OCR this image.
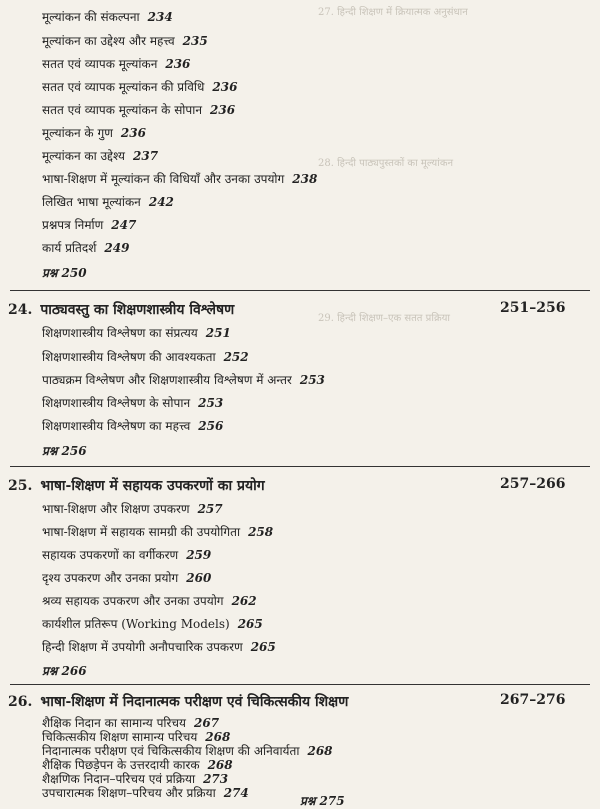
27. हिन्दी शिक्षण में क्रियात्मक अनुसंधान
28. हिन्दी पाठ्यपुस्तकों का मूल्यांकन
29. हिन्दी शिक्षण–एक सतत प्रक्रिया
मूल्यांकन की संकल्पना 234
मूल्यांकन का उद्देश्य और महत्त्व 235
सतत एवं व्यापक मूल्यांकन 236
सतत एवं व्यापक मूल्यांकन की प्रविधि 236
सतत एवं व्यापक मूल्यांकन के सोपान 236
मूल्यांकन के गुण 236
मूल्यांकन का उद्देश्य 237
भाषा-शिक्षण में मूल्यांकन की विधियाँ और उनका उपयोग 238
लिखित भाषा मूल्यांकन 242
प्रश्नपत्र निर्माण 247
कार्य प्रतिदर्श 249
प्रश्न 250
24. पाठ्यवस्तु का शिक्षणशास्त्रीय विश्लेषण	251–256
शिक्षणशास्त्रीय विश्लेषण का संप्रत्यय 251
शिक्षणशास्त्रीय विश्लेषण की आवश्यकता 252
पाठ्यक्रम विश्लेषण और शिक्षणशास्त्रीय विश्लेषण में अन्तर 253
शिक्षणशास्त्रीय विश्लेषण के सोपान 253
शिक्षणशास्त्रीय विश्लेषण का महत्त्व 256
प्रश्न 256
25. भाषा-शिक्षण में सहायक उपकरणों का प्रयोग	257–266
भाषा-शिक्षण और शिक्षण उपकरण 257
भाषा-शिक्षण में सहायक सामग्री की उपयोगिता 258
सहायक उपकरणों का वर्गीकरण 259
दृश्य उपकरण और उनका प्रयोग 260
श्रव्य सहायक उपकरण और उनका उपयोग 262
कार्यशील प्रतिरूप (Working Models) 265
हिन्दी शिक्षण में उपयोगी अनौपचारिक उपकरण 265
प्रश्न 266
26. भाषा-शिक्षण में निदानात्मक परीक्षण एवं चिकित्सकीय शिक्षण	267–276
शैक्षिक निदान का सामान्य परिचय 267
चिकित्सकीय शिक्षण सामान्य परिचय 268
निदानात्मक परीक्षण एवं चिकित्सकीय शिक्षण की अनिवार्यता 268
शैक्षिक पिछड़ेपन के उत्तरदायी कारक 268
शैक्षणिक निदान–परिचय एवं प्रक्रिया 273
उपचारात्मक शिक्षण–परिचय और प्रक्रिया 274
प्रश्न 275
